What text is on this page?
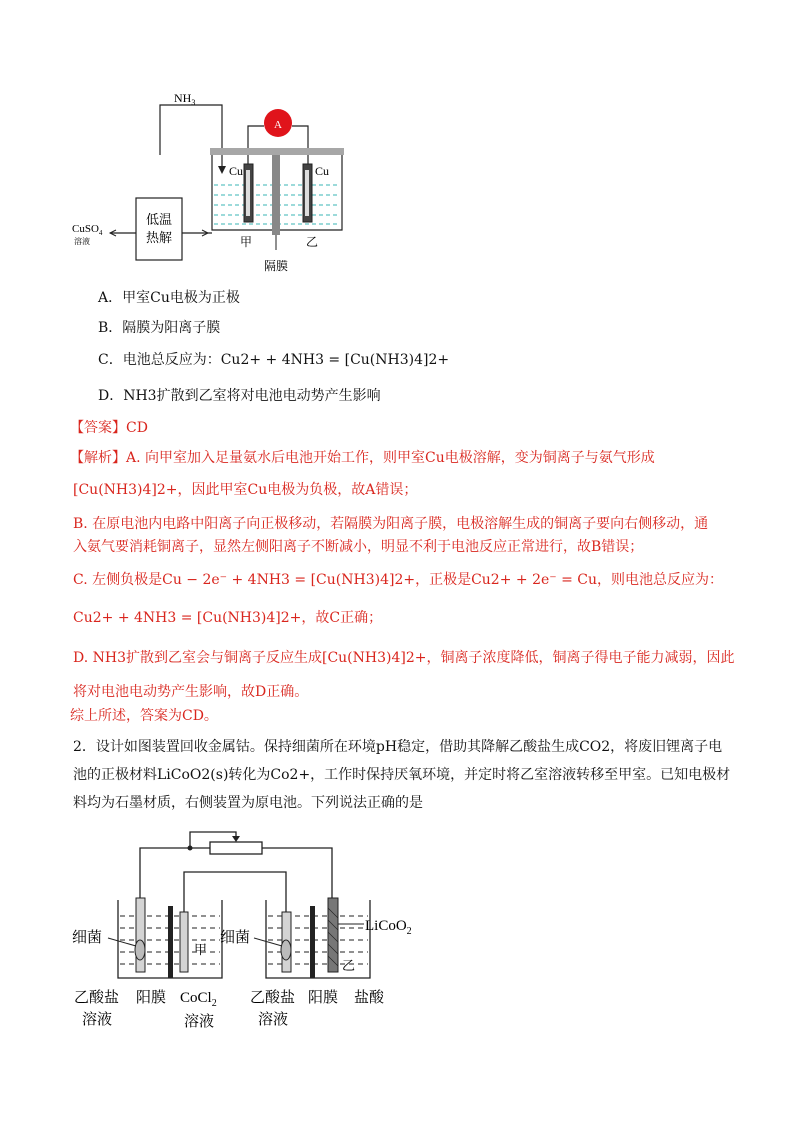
$NH_3$
A
Cu	Cu
甲	乙
隔膜
低温
热解
CuSO$_4$
溶液
A．甲室Cu电极为正极
B．隔膜为阳离子膜
C．电池总反应为：Cu2+ + 4NH3 = [Cu(NH3)4]2+
D．NH3扩散到乙室将对电池电动势产生影响
【答案】CD
【解析】A. 向甲室加入足量氨水后电池开始工作，则甲室Cu电极溶解，变为铜离子与氨气形成
[Cu(NH3)4]2+，因此甲室Cu电极为负极，故A错误；
B. 在原电池内电路中阳离子向正极移动，若隔膜为阳离子膜，电极溶解生成的铜离子要向右侧移动，通
入氨气要消耗铜离子，显然左侧阳离子不断减小，明显不利于电池反应正常进行，故B错误；
C. 左侧负极是Cu − 2e⁻ + 4NH3 = [Cu(NH3)4]2+，正极是Cu2+ + 2e⁻ = Cu，则电池总反应为：
Cu2+ + 4NH3 = [Cu(NH3)4]2+，故C正确；
D. NH3扩散到乙室会与铜离子反应生成[Cu(NH3)4]2+，铜离子浓度降低，铜离子得电子能力减弱，因此
将对电池电动势产生影响，故D正确。
综上所述，答案为CD。
2．设计如图装置回收金属钴。保持细菌所在环境pH稳定，借助其降解乙酸盐生成CO2，将废旧锂离子电
池的正极材料LiCoO2(s)转化为Co2+，工作时保持厌氧环境，并定时将乙室溶液转移至甲室。已知电极材
料均为石墨材质，右侧装置为原电池。下列说法正确的是
甲
乙
细菌	细菌
LiCoO$_2$
乙酸盐
溶液
阳膜 CoCl$_2$
溶液
乙酸盐
溶液
阳膜 盐酸
